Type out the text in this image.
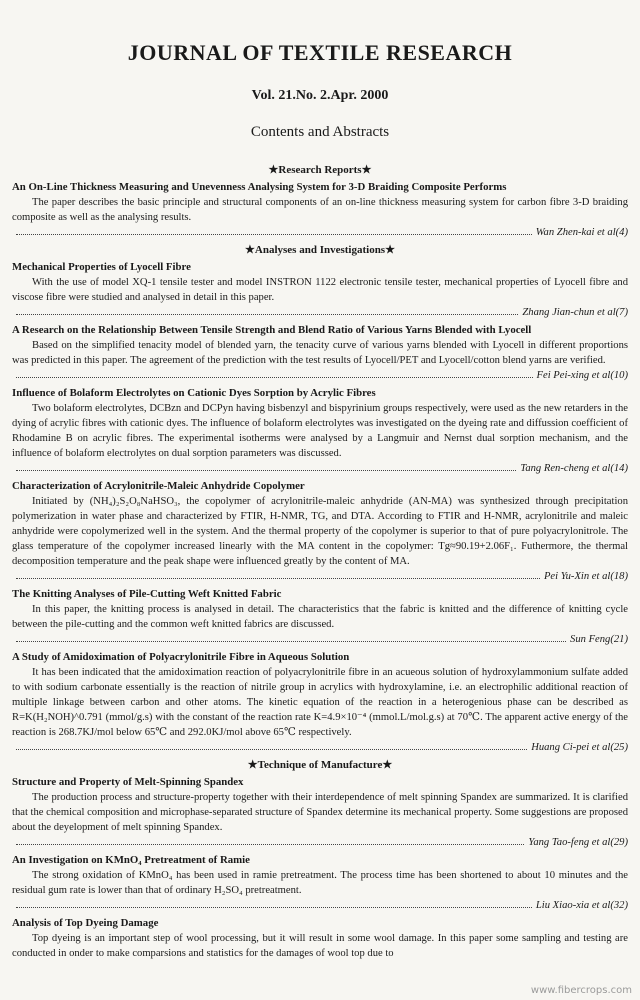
JOURNAL OF TEXTILE RESEARCH
Vol. 21.No. 2.Apr. 2000
Contents and Abstracts
★Research Reports★
An On-Line Thickness Measuring and Unevenness Analysing System for 3-D Braiding Composite Performs
The paper describes the basic principle and structural components of an on-line thickness measuring system for carbon fibre 3-D braiding composite as well as the analysing results.
Wan Zhen-kai et al(4)
★Analyses and Investigations★
Mechanical Properties of Lyocell Fibre
With the use of model XQ-1 tensile tester and model INSTRON 1122 electronic tensile tester, mechanical properties of Lyocell fibre and viscose fibre were studied and analysed in detail in this paper.
Zhang Jian-chun et al(7)
A Research on the Relationship Between Tensile Strength and Blend Ratio of Various Yarns Blended with Lyocell
Based on the simplified tenacity model of blended yarn, the tenacity curve of various yarns blended with Lyocell in different proportions was predicted in this paper. The agreement of the prediction with the test results of Lyocell/PET and Lyocell/cotton blend yarns are verified.
Fei Pei-xing et al(10)
Influence of Bolaform Electrolytes on Cationic Dyes Sorption by Acrylic Fibres
Two bolaform electrolytes, DCBzn and DCPyn having bisbenzyl and bispyrinium groups respectively, were used as the new retarders in the dying of acrylic fibres with cationic dyes. The influence of bolaform electrolytes was investigated on the dyeing rate and diffussion coefficient of Rhodamine B on acrylic fibres. The experimental isotherms were analysed by a Langmuir and Nernst dual sorption mechanism, and the influence of bolaform electrolytes on dual sorption parameters was discussed.
Tang Ren-cheng et al(14)
Characterization of Acrylonitrile-Maleic Anhydride Copolymer
Initiated by (NH₄)₂S₂O₈NaHSO₃, the copolymer of acrylonitrile-maleic anhydride (AN-MA) was synthesized through precipitation polymerization in water phase and characterized by FTIR, H-NMR, TG, and DTA. According to FTIR and H-NMR, acrylonitrile and maleic anhydride were copolymerized well in the system. And the thermal property of the copolymer is superior to that of pure polyacrylonitrole. The glass temperature of the copolymer increased linearly with the MA content in the copolymer: Tg≈90.19+2.06F₁. Futhermore, the thermal decomposition temperature and the peak shape were influenced greatly by the content of MA.
Pei Yu-Xin et al(18)
The Knitting Analyses of Pile-Cutting Weft Knitted Fabric
In this paper, the knitting process is analysed in detail. The characteristics that the fabric is knitted and the difference of knitting cycle between the pile-cutting and the common weft knitted fabrics are discussed.
Sun Feng(21)
A Study of Amidoximation of Polyacrylonitrile Fibre in Aqueous Solution
It has been indicated that the amidoximation reaction of polyacrylonitrile fibre in an acueous solution of hydroxylammonium sulfate added to with sodium carbonate essentially is the reaction of nitrile group in acrylics with hydroxylamine, i.e. an electrophilic additional reaction of multiple linkage between carbon and other atoms. The kinetic equation of the reaction in a heterogenious phase can be described as R=K(H₂NOH)^0.791 (mmol/g.s) with the constant of the reaction rate K=4.9×10⁻⁴ (mmol.L/mol.g.s) at 70℃. The apparent active energy of the reaction is 268.7KJ/mol below 65℃ and 292.0KJ/mol above 65℃ respectively.
Huang Ci-pei et al(25)
★Technique of Manufacture★
Structure and Property of Melt-Spinning Spandex
The production process and structure-property together with their interdependence of melt spinning Spandex are summarized. It is clarified that the chemical composition and microphase-separated structure of Spandex determine its mechanical property. Some suggestions are proposed about the deyelopment of melt spinning Spandex.
Yang Tao-feng et al(29)
An Investigation on KMnO₄ Pretreatment of Ramie
The strong oxidation of KMnO₄ has been used in ramie pretreatment. The process time has been shortened to about 10 minutes and the residual gum rate is lower than that of ordinary H₂SO₄ pretreatment.
Liu Xiao-xia et al(32)
Analysis of Top Dyeing Damage
Top dyeing is an important step of wool processing, but it will result in some wool damage. In this paper some sampling and testing are conducted in onder to make comparsions and statistics for the damages of wool top due to
www.fibercrops.com
